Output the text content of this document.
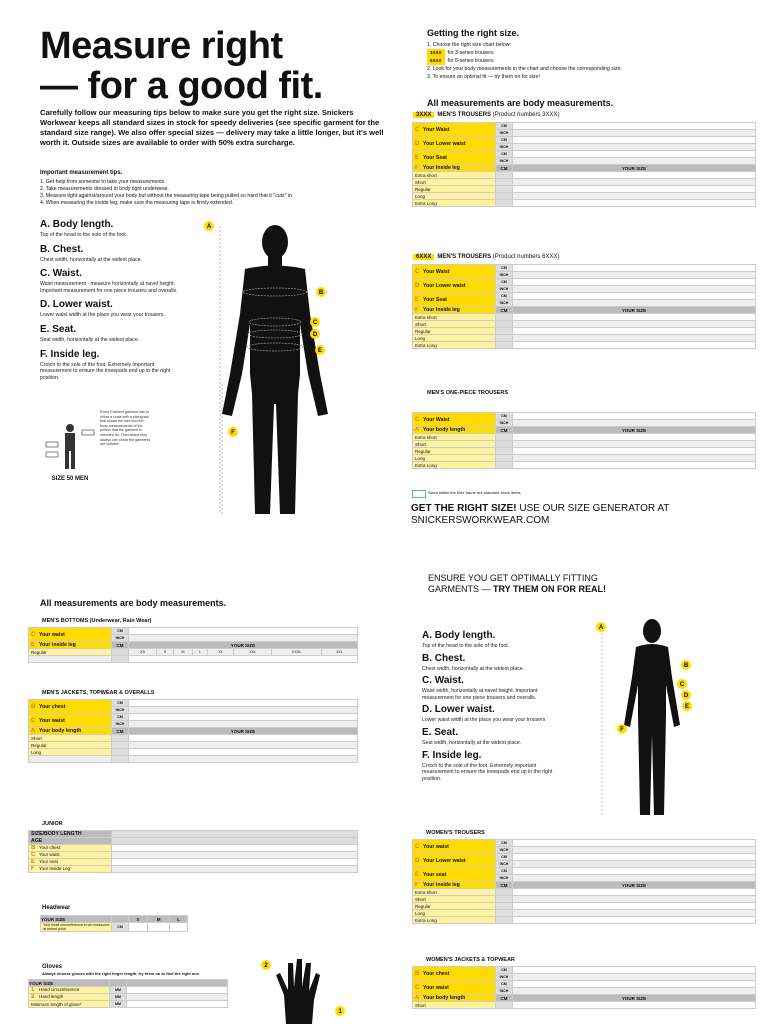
Measure right
— for a good fit.
Carefully follow our measuring tips below to make sure you get the right size. Snickers Workwear keeps all standard sizes in stock for speedy deliveries (see specific garment for the standard size range). We also offer special sizes — delivery may take a little longer, but it's well worth it. Outside sizes are available to order with 50% extra surcharge.
Important measurement tips.
1. Get help from someone to take your measurements.
2. Take measurements dressed in body tight underwear.
3. Measure tight against/around your body but without the measuring tape being pulled so hard that it "cuts" in.
4. When measuring the inside leg, make sure the measuring tape is firmly extended.

A. Body length.

Top of the head to the sole of the foot.

B. Chest.

Chest width, horizontally at the widest place.

C. Waist.

Waist measurement - measure horizontally at navel height. Important measurement for one piece trousers and overalls.

D. Lower waist.

Lower waist width at the place you wear your trousers.

E. Seat.

Seat width, horizontally at the widest place.

F. Inside leg.

Crotch to the sole of the foot. Extremely important measurement to ensure the kneepads end up in the right position.

SIZE 50 MEN
Every Snickers garment has to follow a scale with a pictogram that shows the size and the body measurements of the person that the garment is intended for. This means they always can check the garments are suitable.
A
B
C
D
E
F
Getting the right size.
1. Choose the right size chart below:
3XXX for 3-series trousers
6XXX for 6-series trousers
2. Look for your body measurements in the chart and choose the corresponding size.
3. To ensure an optimal fit — try them on for size!
All measurements are body measurements.
3XXX MEN'S TROUSERS (Product numbers 3XXX)
C Your Waist	CM	
	INCH	
D Your Lower waist	CM	
	INCH	
E Your Seat	CM	
	INCH	
F Your Inside leg	CM	YOUR SIZE
Extra short		
Short		
Regular		
Long		
Extra Long		
6XXX MEN'S TROUSERS (Product numbers 6XXX)
C Your Waist	CM	
	INCH	
D Your Lower waist	CM	
	INCH	
E Your Seat	CM	
	INCH	
F Your Inside leg	CM	YOUR SIZE
Extra short		
Short		
Regular		
Long		
Extra Long		
MEN'S ONE-PIECE TROUSERS
C Your Waist	CM	
	INCH	
A Your body length	CM	YOUR SIZE
Extra short		
Short		
Regular		
Long		
Extra Long		
Sizes within the blue frame are standard stock items.
GET THE RIGHT SIZE! USE OUR SIZE GENERATOR AT SNICKERSWORKWEAR.COM
ENSURE YOU GET OPTIMALLY FITTING
GARMENTS — TRY THEM ON FOR REAL!
All measurements are body measurements.
MEN'S BOTTOMS (Underwear, Rain Wear)
C Your waist	CM								
	INCH								
E Your inside leg	CM	YOUR SIZE							
Regular		XS	S	M	L	XL	XXL	XXXL	4XL

MEN'S JACKETS, TOPWEAR & OVERALLS
B Your chest	CM	
	INCH	
C Your waist	CM	
	INCH	
A Your body length	CM	YOUR SIZE
Short		
Regular		
Long		

JUNIOR
SIZE/BODY LENGTH	
AGE	
B Your chest	
C Your waist	
E Your seat	
F Your Inside Leg	
Headwear
YOUR SIZE		S	M	L
Your head circumference in cm measured at widest point	CM			
Gloves
Always choose gloves with the right finger length, try them on to find the right one.
YOUR SIZE		
1 Hand circumference	MM	
2 Hand length	MM	
Minimum length of glove*	MM	
2
1

A. Body length.

Top of the head to the sole of the foot.

B. Chest.

Chest width, horizontally at the widest place.

C. Waist.

Waist width, horizontally at navel height. Important measurement for one piece trousers and overalls.

D. Lower waist.

Lower waist width at the place you wear your trousers

E. Seat.

Seat width, horizontally at the widest place.

F. Inside leg.

Crotch to the sole of the foot. Extremely important measurement to ensure the kneepads end up in the right position.

A
B
C
D
E
F
WOMEN'S TROUSERS
C Your waist	CM	
	INCH	
D Your Lower waist	CM	
	INCH	
E Your seat	CM	
	INCH	
F Your inside leg	CM	YOUR SIZE
Extra short		
Short		
Regular		
Long		
Extra Long		
WOMEN'S JACKETS & TOPWEAR
B Your chest	CM	
	INCH	
C Your waist	CM	
	INCH	
A Your body length	CM	YOUR SIZE
Short		
